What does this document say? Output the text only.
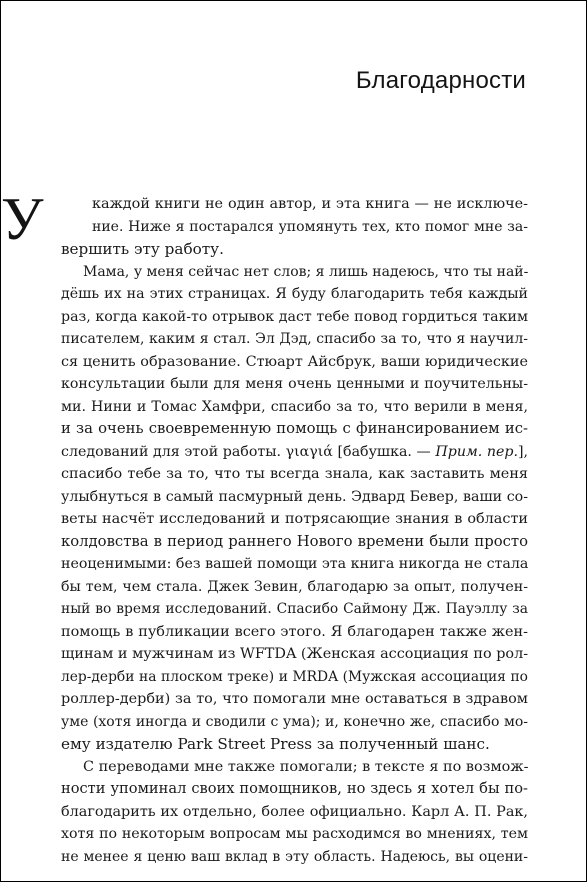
Благодарности
У	каждой книги не один автор, и эта книга — не исключе-
ние. Ниже я постарался упомянуть тех, кто помог мне за-
вершить эту работу.
Мама, у меня сейчас нет слов; я лишь надеюсь, что ты най-
дёшь их на этих страницах. Я буду благодарить тебя каждый
раз, когда какой-то отрывок даст тебе повод гордиться таким
писателем, каким я стал. Эл Дэд, спасибо за то, что я научил-
ся ценить образование. Стюарт Айсбрук, ваши юридические
консультации были для меня очень ценными и поучительны-
ми. Нини и Томас Хамфри, спасибо за то, что верили в меня,
и за очень своевременную помощь с финансированием ис-
следований для этой работы. γιαγιά [бабушка. — Прим. пер.],
спасибо тебе за то, что ты всегда знала, как заставить меня
улыбнуться в самый пасмурный день. Эдвард Бевер, ваши со-
веты насчёт исследований и потрясающие знания в области
колдовства в период раннего Нового времени были просто
неоценимыми: без вашей помощи эта книга никогда не стала
бы тем, чем стала. Джек Зевин, благодарю за опыт, получен-
ный во время исследований. Спасибо Саймону Дж. Пауэллу за
помощь в публикации всего этого. Я благодарен также жен-
щинам и мужчинам из WFTDA (Женская ассоциация по рол-
лер-дерби на плоском треке) и MRDA (Мужская ассоциация по
роллер-дерби) за то, что помогали мне оставаться в здравом
уме (хотя иногда и сводили с ума); и, конечно же, спасибо мо-
ему издателю Park Street Press за полученный шанс.
С переводами мне также помогали; в тексте я по возмож-
ности упоминал своих помощников, но здесь я хотел бы по-
благодарить их отдельно, более официально. Карл А. П. Рак,
хотя по некоторым вопросам мы расходимся во мнениях, тем
не менее я ценю ваш вклад в эту область. Надеюсь, вы оцени-
